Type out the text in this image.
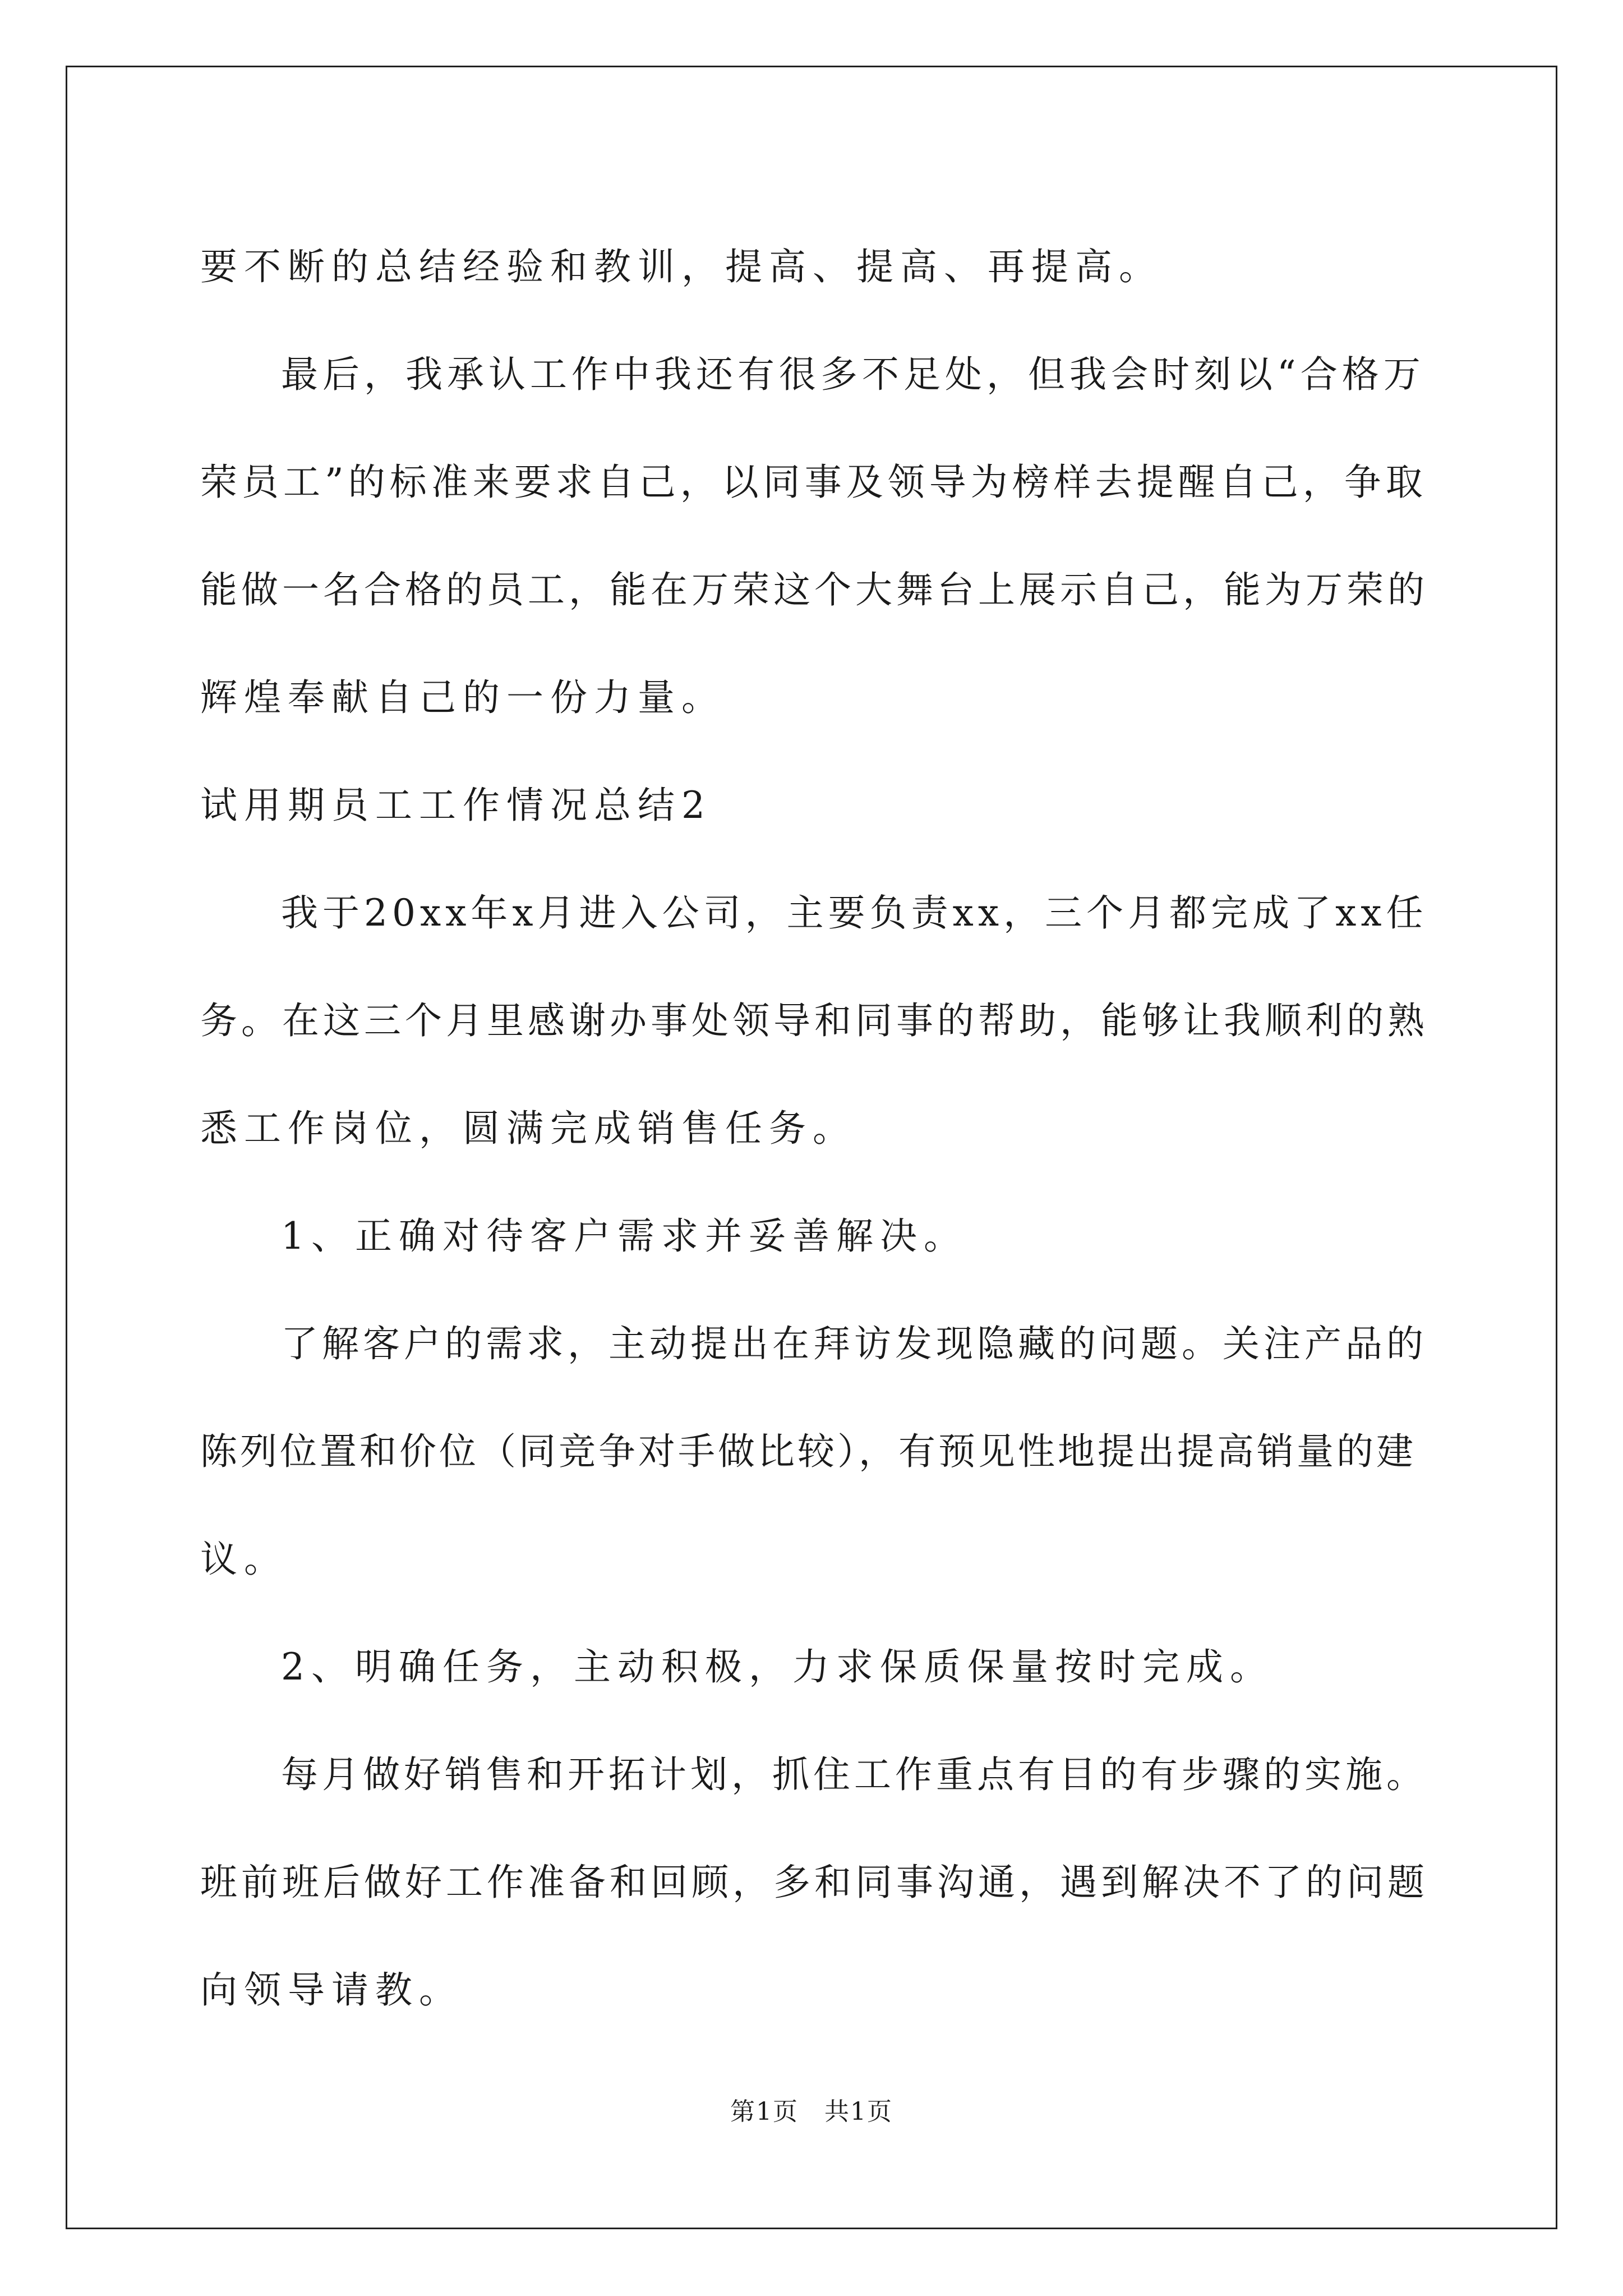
要不断的总结经验和教训，提高、提高、再提高。
最后，我承认工作中我还有很多不足处，但我会时刻以“合格万
荣员工”的标准来要求自己，以同事及领导为榜样去提醒自己，争取
能做一名合格的员工，能在万荣这个大舞台上展示自己，能为万荣的
辉煌奉献自己的一份力量。
试用期员工工作情况总结2
我于20xx年x月进入公司，主要负责xx，三个月都完成了xx任
务。在这三个月里感谢办事处领导和同事的帮助，能够让我顺利的熟
悉工作岗位，圆满完成销售任务。
1、正确对待客户需求并妥善解决。
了解客户的需求，主动提出在拜访发现隐藏的问题。关注产品的
陈列位置和价位（同竞争对手做比较），有预见性地提出提高销量的建
议。
2、明确任务，主动积极，力求保质保量按时完成。
每月做好销售和开拓计划，抓住工作重点有目的有步骤的实施。
班前班后做好工作准备和回顾，多和同事沟通，遇到解决不了的问题
向领导请教。
第1页 共1页
